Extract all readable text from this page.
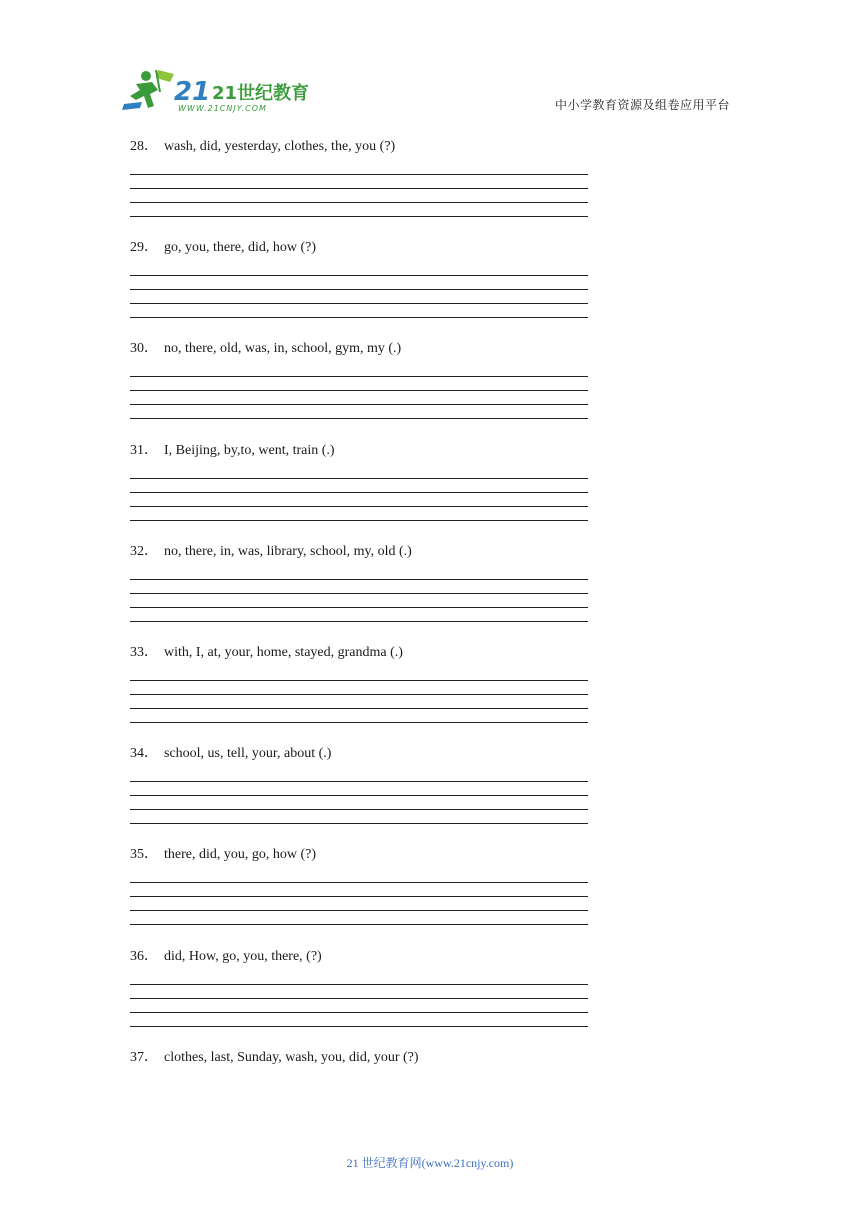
21 21世纪教育
WWW.21CNJY.COM	中小学教育资源及组卷应用平台
28． wash, did, yesterday, clothes, the, you (?)
29． go, you, there, did, how (?)
30． no, there, old, was, in, school, gym, my (.)
31． I, Beijing, by,to, went, train (.)
32． no, there, in, was, library, school, my, old (.)
33． with, I, at, your, home, stayed, grandma (.)
34． school, us, tell, your, about (.)
35． there, did, you, go, how (?)
36． did, How, go, you, there, (?)
37． clothes, last, Sunday, wash, you, did, your (?)
21 世纪教育网(www.21cnjy.com)
